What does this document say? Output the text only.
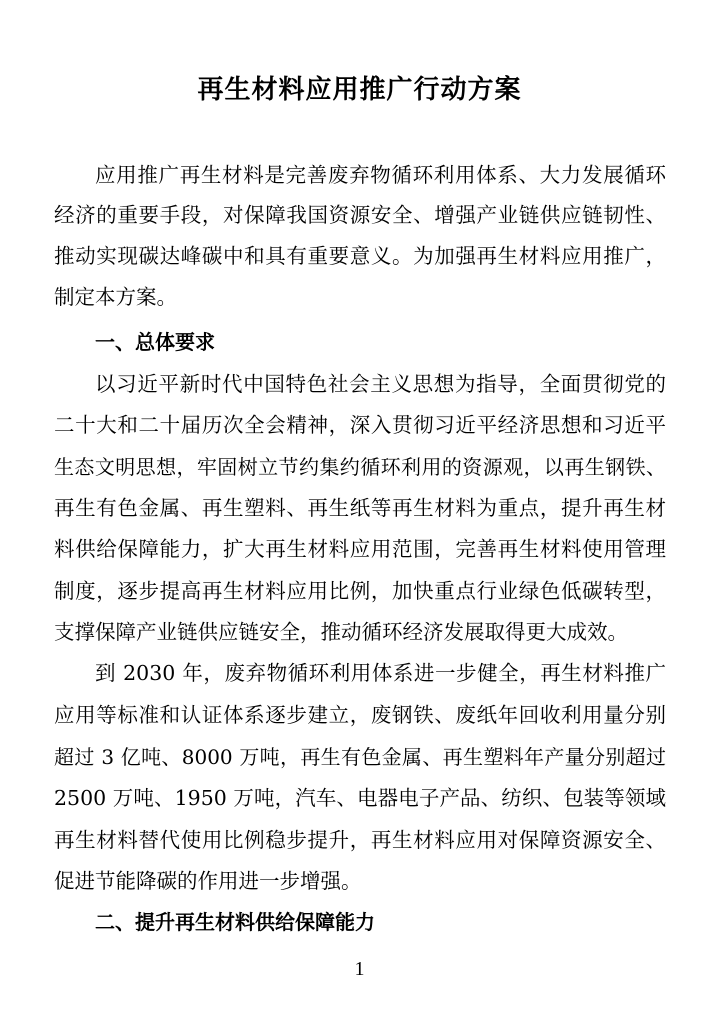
再生材料应用推广行动方案
应用推广再生材料是完善废弃物循环利用体系、大力发展循环
经济的重要手段，对保障我国资源安全、增强产业链供应链韧性、
推动实现碳达峰碳中和具有重要意义。为加强再生材料应用推广，
制定本方案。
一、总体要求
以习近平新时代中国特色社会主义思想为指导，全面贯彻党的
二十大和二十届历次全会精神，深入贯彻习近平经济思想和习近平
生态文明思想，牢固树立节约集约循环利用的资源观，以再生钢铁、
再生有色金属、再生塑料、再生纸等再生材料为重点，提升再生材
料供给保障能力，扩大再生材料应用范围，完善再生材料使用管理
制度，逐步提高再生材料应用比例，加快重点行业绿色低碳转型，
支撑保障产业链供应链安全，推动循环经济发展取得更大成效。
到 2030 年，废弃物循环利用体系进一步健全，再生材料推广
应用等标准和认证体系逐步建立，废钢铁、废纸年回收利用量分别
超过 3 亿吨、8000 万吨，再生有色金属、再生塑料年产量分别超过
2500 万吨、1950 万吨，汽车、电器电子产品、纺织、包装等领域
再生材料替代使用比例稳步提升，再生材料应用对保障资源安全、
促进节能降碳的作用进一步增强。
二、提升再生材料供给保障能力
1
